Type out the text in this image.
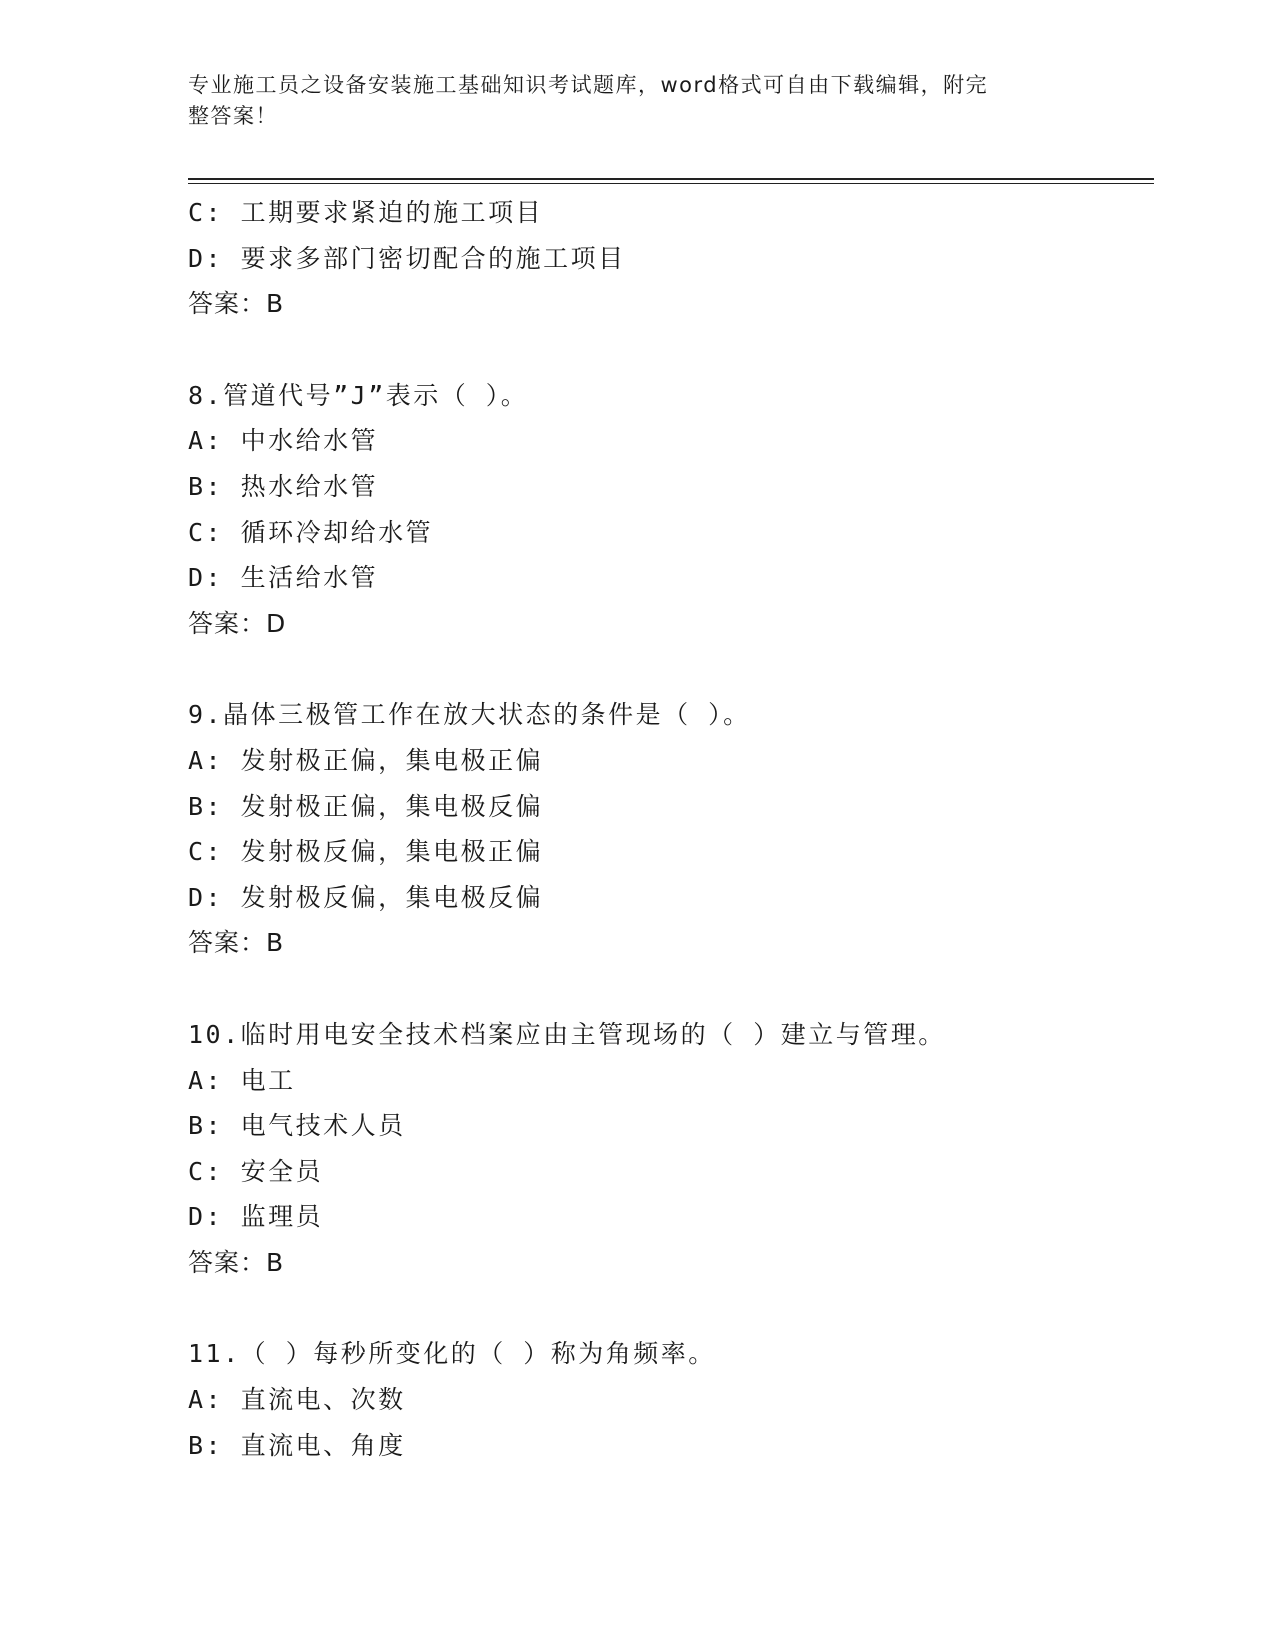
专业施工员之设备安装施工基础知识考试题库，word格式可自由下载编辑，附完
整答案！
C: 工期要求紧迫的施工项目
D: 要求多部门密切配合的施工项目
答案：B
8.管道代号”J”表示（ ）。
A: 中水给水管
B: 热水给水管
C: 循环冷却给水管
D: 生活给水管
答案：D
9.晶体三极管工作在放大状态的条件是（ ）。
A: 发射极正偏，集电极正偏
B: 发射极正偏，集电极反偏
C: 发射极反偏，集电极正偏
D: 发射极反偏，集电极反偏
答案：B
10.临时用电安全技术档案应由主管现场的（ ）建立与管理。
A: 电工
B: 电气技术人员
C: 安全员
D: 监理员
答案：B
11.（ ）每秒所变化的（ ）称为角频率。
A: 直流电、次数
B: 直流电、角度
